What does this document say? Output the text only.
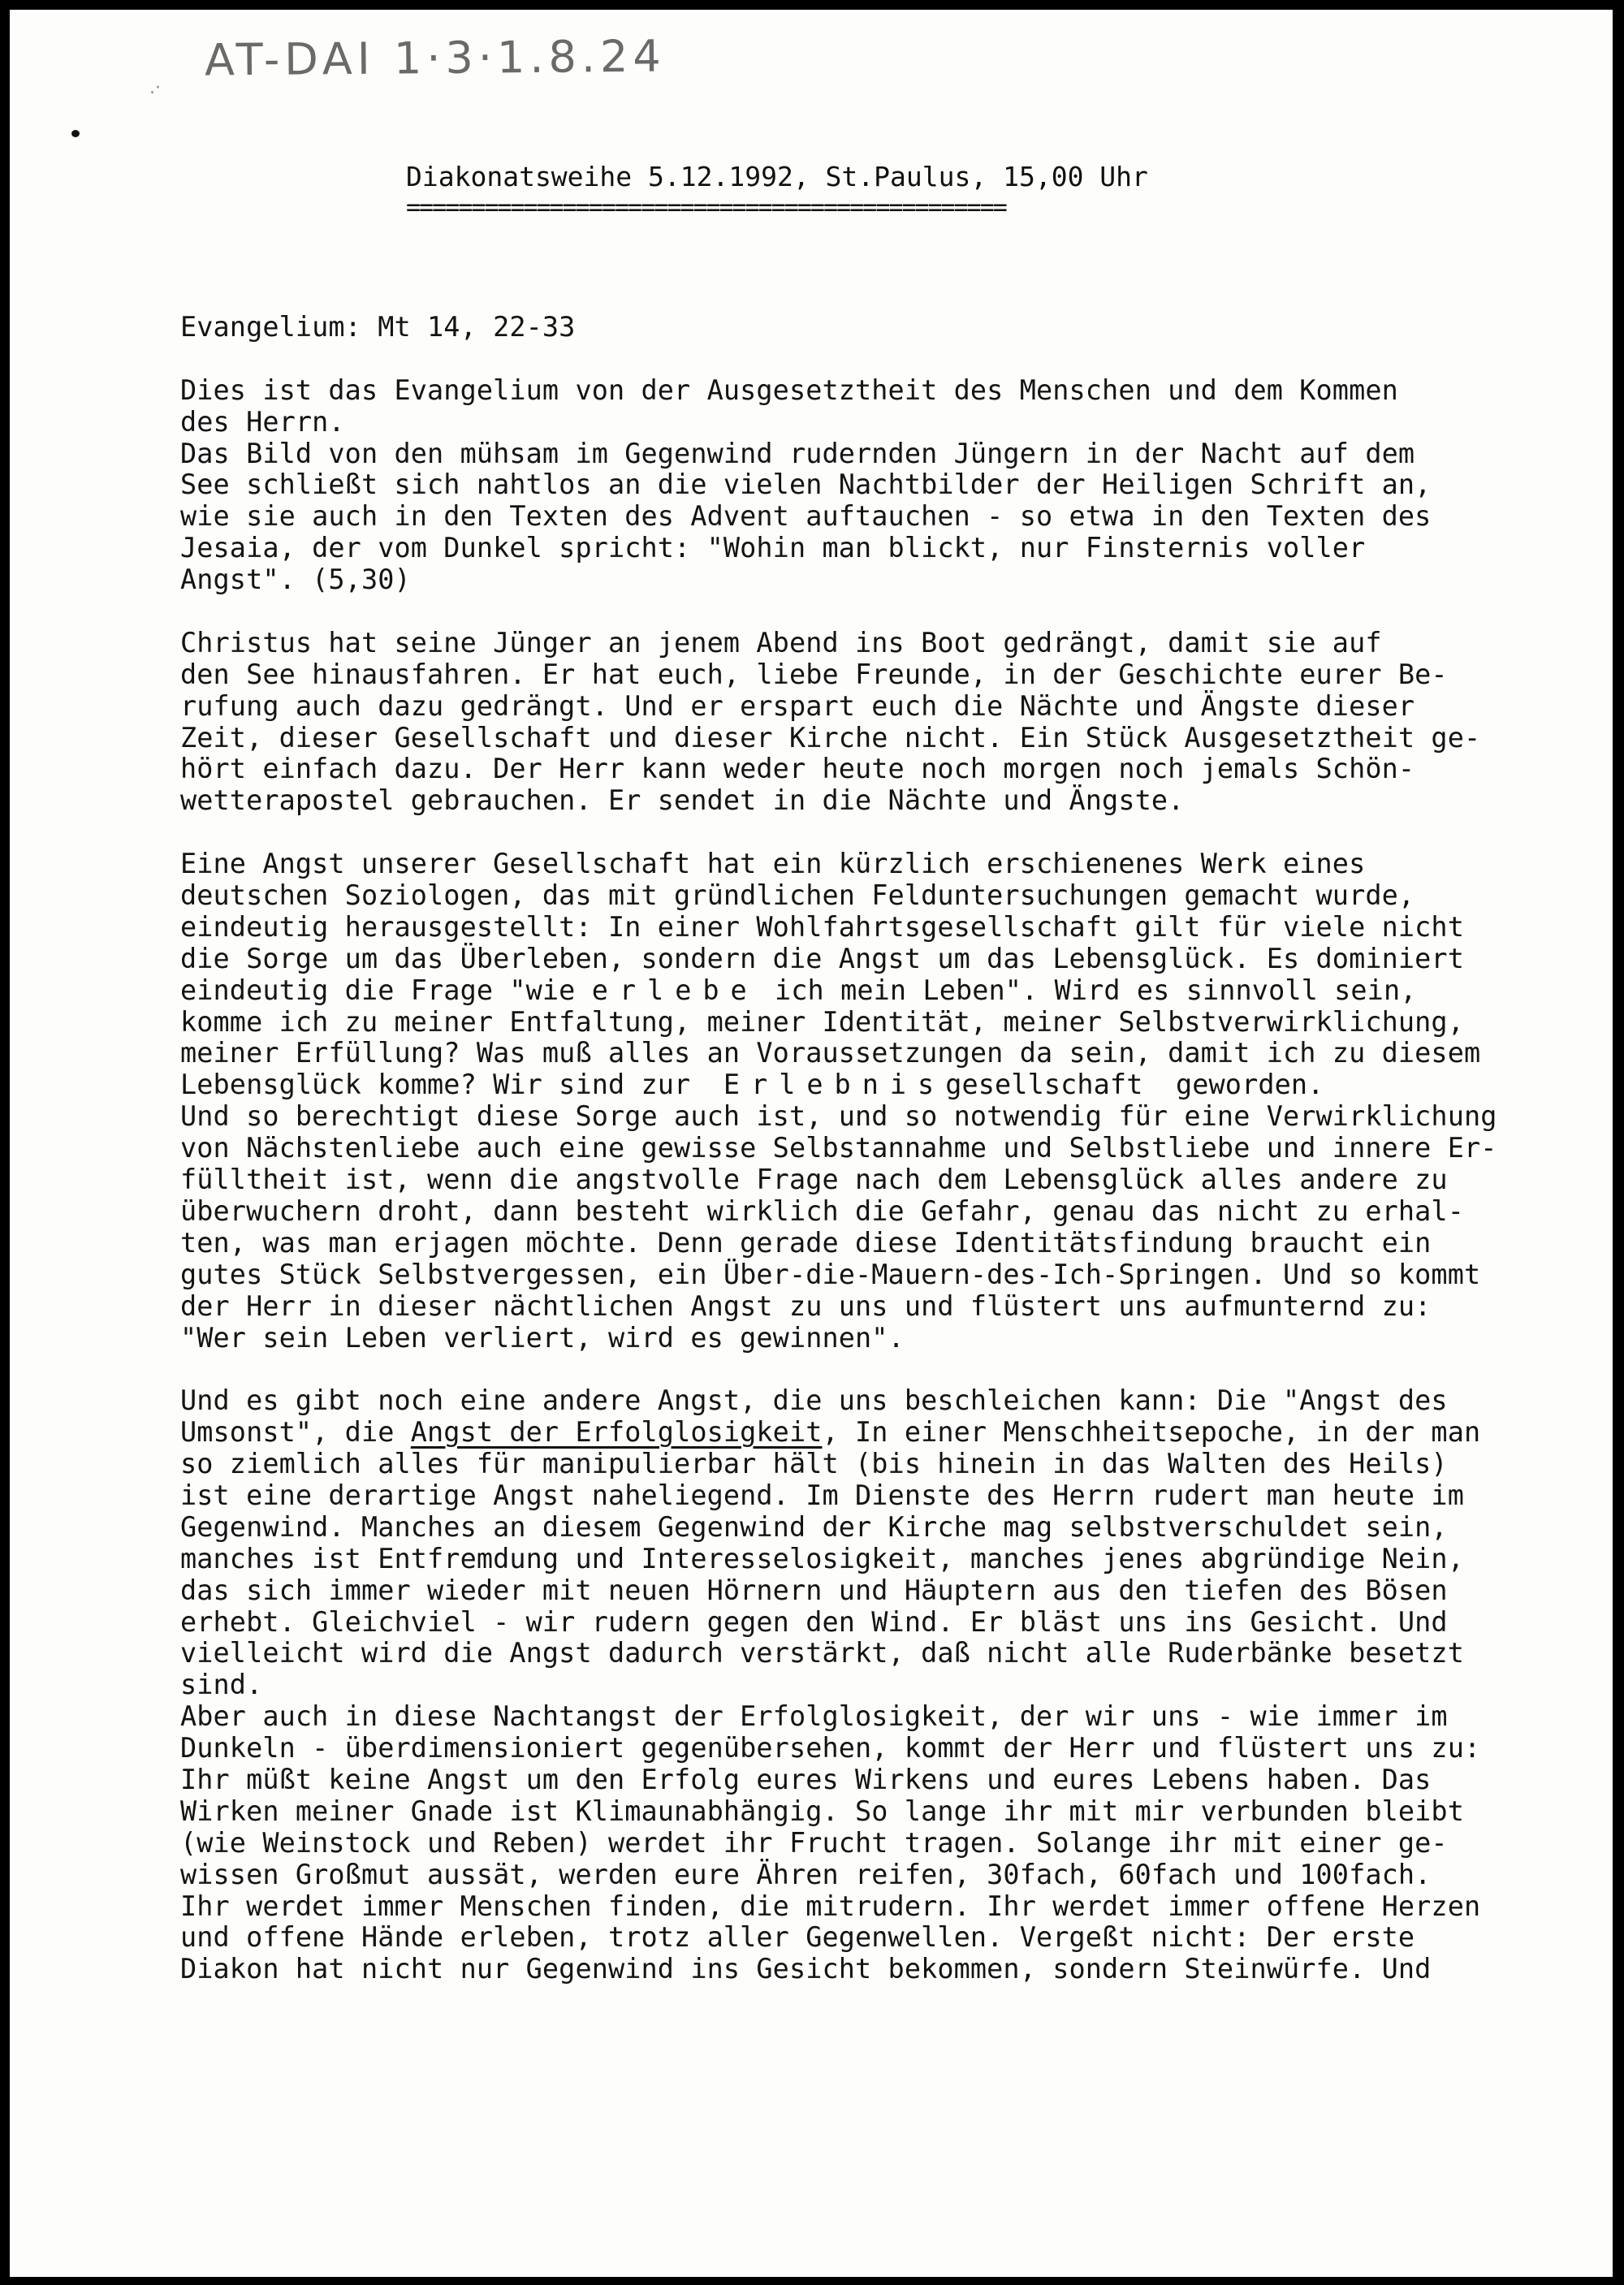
AT-DAI 1·3·1.8.24
.·
Diakonatsweihe 5.12.1992, St.Paulus, 15,00 Uhr
==============================================
Evangelium: Mt 14, 22-33
Dies ist das Evangelium von der Ausgesetztheit des Menschen und dem Kommen
des Herrn.
Das Bild von den mühsam im Gegenwind rudernden Jüngern in der Nacht auf dem
See schließt sich nahtlos an die vielen Nachtbilder der Heiligen Schrift an,
wie sie auch in den Texten des Advent auftauchen - so etwa in den Texten des
Jesaia, der vom Dunkel spricht: "Wohin man blickt, nur Finsternis voller
Angst". (5,30)
Christus hat seine Jünger an jenem Abend ins Boot gedrängt, damit sie auf
den See hinausfahren. Er hat euch, liebe Freunde, in der Geschichte eurer Be-
rufung auch dazu gedrängt. Und er erspart euch die Nächte und Ängste dieser
Zeit, dieser Gesellschaft und dieser Kirche nicht. Ein Stück Ausgesetztheit ge-
hört einfach dazu. Der Herr kann weder heute noch morgen noch jemals Schön-
wetterapostel gebrauchen. Er sendet in die Nächte und Ängste.
Eine Angst unserer Gesellschaft hat ein kürzlich erschienenes Werk eines
deutschen Soziologen, das mit gründlichen Felduntersuchungen gemacht wurde,
eindeutig herausgestellt: In einer Wohlfahrtsgesellschaft gilt für viele nicht
die Sorge um das Überleben, sondern die Angst um das Lebensglück. Es dominiert
eindeutig die Frage "wie erlebe ich mein Leben". Wird es sinnvoll sein,
komme ich zu meiner Entfaltung, meiner Identität, meiner Selbstverwirklichung,
meiner Erfüllung? Was muß alles an Voraussetzungen da sein, damit ich zu diesem
Lebensglück komme? Wir sind zur  Erlebnisgesellschaft  geworden.
Und so berechtigt diese Sorge auch ist, und so notwendig für eine Verwirklichung
von Nächstenliebe auch eine gewisse Selbstannahme und Selbstliebe und innere Er-
fülltheit ist, wenn die angstvolle Frage nach dem Lebensglück alles andere zu
überwuchern droht, dann besteht wirklich die Gefahr, genau das nicht zu erhal-
ten, was man erjagen möchte. Denn gerade diese Identitätsfindung braucht ein
gutes Stück Selbstvergessen, ein Über-die-Mauern-des-Ich-Springen. Und so kommt
der Herr in dieser nächtlichen Angst zu uns und flüstert uns aufmunternd zu:
"Wer sein Leben verliert, wird es gewinnen".
Und es gibt noch eine andere Angst, die uns beschleichen kann: Die "Angst des
Umsonst", die Angst der Erfolglosigkeit, In einer Menschheitsepoche, in der man
so ziemlich alles für manipulierbar hält (bis hinein in das Walten des Heils)
ist eine derartige Angst naheliegend. Im Dienste des Herrn rudert man heute im
Gegenwind. Manches an diesem Gegenwind der Kirche mag selbstverschuldet sein,
manches ist Entfremdung und Interesselosigkeit, manches jenes abgründige Nein,
das sich immer wieder mit neuen Hörnern und Häuptern aus den tiefen des Bösen
erhebt. Gleichviel - wir rudern gegen den Wind. Er bläst uns ins Gesicht. Und
vielleicht wird die Angst dadurch verstärkt, daß nicht alle Ruderbänke besetzt
sind.
Aber auch in diese Nachtangst der Erfolglosigkeit, der wir uns - wie immer im
Dunkeln - überdimensioniert gegenübersehen, kommt der Herr und flüstert uns zu:
Ihr müßt keine Angst um den Erfolg eures Wirkens und eures Lebens haben. Das
Wirken meiner Gnade ist Klimaunabhängig. So lange ihr mit mir verbunden bleibt
(wie Weinstock und Reben) werdet ihr Frucht tragen. Solange ihr mit einer ge-
wissen Großmut aussät, werden eure Ähren reifen, 30fach, 60fach und 100fach.
Ihr werdet immer Menschen finden, die mitrudern. Ihr werdet immer offene Herzen
und offene Hände erleben, trotz aller Gegenwellen. Vergeßt nicht: Der erste
Diakon hat nicht nur Gegenwind ins Gesicht bekommen, sondern Steinwürfe. Und
